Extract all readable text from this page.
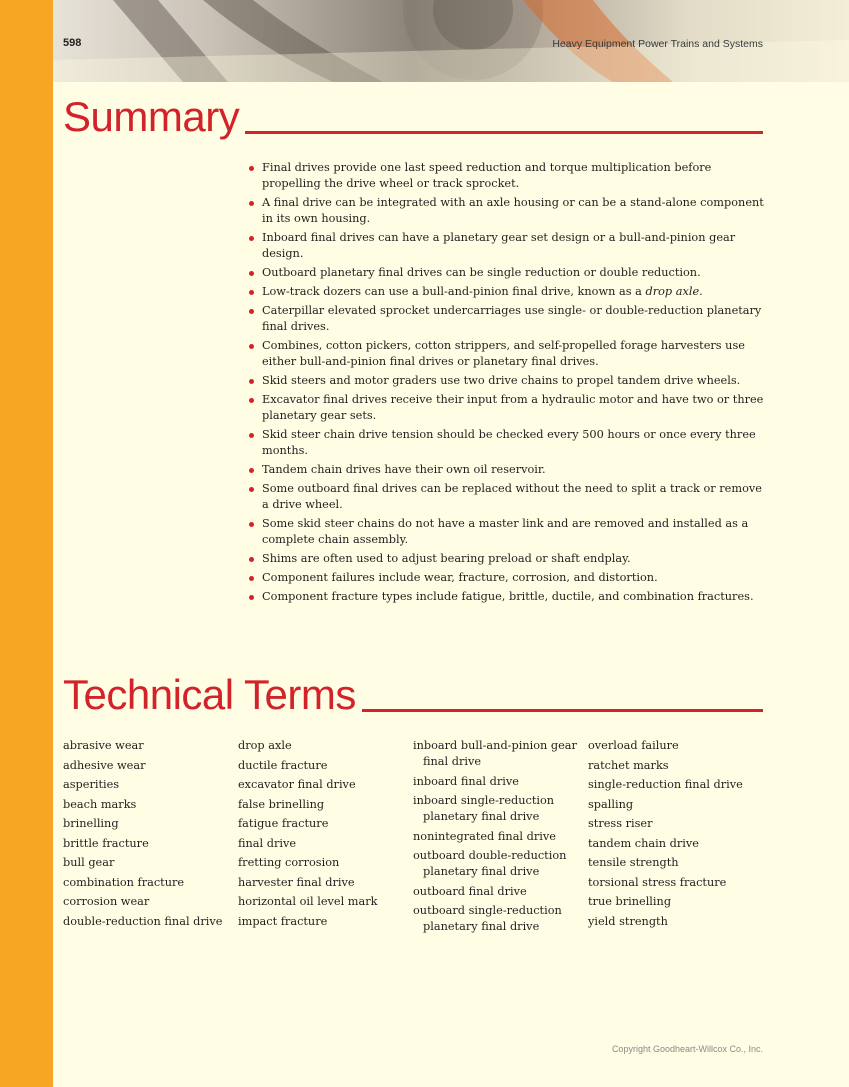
598	Heavy Equipment Power Trains and Systems
Summary
Final drives provide one last speed reduction and torque multiplication before propelling the drive wheel or track sprocket.
A final drive can be integrated with an axle housing or can be a stand-alone component in its own housing.
Inboard final drives can have a planetary gear set design or a bull-and-pinion gear design.
Outboard planetary final drives can be single reduction or double reduction.
Low-track dozers can use a bull-and-pinion final drive, known as a drop axle.
Caterpillar elevated sprocket undercarriages use single- or double-reduction planetary final drives.
Combines, cotton pickers, cotton strippers, and self-propelled forage harvesters use either bull-and-pinion final drives or planetary final drives.
Skid steers and motor graders use two drive chains to propel tandem drive wheels.
Excavator final drives receive their input from a hydraulic motor and have two or three planetary gear sets.
Skid steer chain drive tension should be checked every 500 hours or once every three months.
Tandem chain drives have their own oil reservoir.
Some outboard final drives can be replaced without the need to split a track or remove a drive wheel.
Some skid steer chains do not have a master link and are removed and installed as a complete chain assembly.
Shims are often used to adjust bearing preload or shaft endplay.
Component failures include wear, fracture, corrosion, and distortion.
Component fracture types include fatigue, brittle, ductile, and combination fractures.
Technical Terms
abrasive wear
adhesive wear
asperities
beach marks
brinelling
brittle fracture
bull gear
combination fracture
corrosion wear
double-reduction final drive
drop axle
ductile fracture
excavator final drive
false brinelling
fatigue fracture
final drive
fretting corrosion
harvester final drive
horizontal oil level mark
impact fracture
inboard bull-and-pinion gear final drive
inboard final drive
inboard single-reduction planetary final drive
nonintegrated final drive
outboard double-reduction planetary final drive
outboard final drive
outboard single-reduction planetary final drive
overload failure
ratchet marks
single-reduction final drive
spalling
stress riser
tandem chain drive
tensile strength
torsional stress fracture
true brinelling
yield strength
Copyright Goodheart-Willcox Co., Inc.
